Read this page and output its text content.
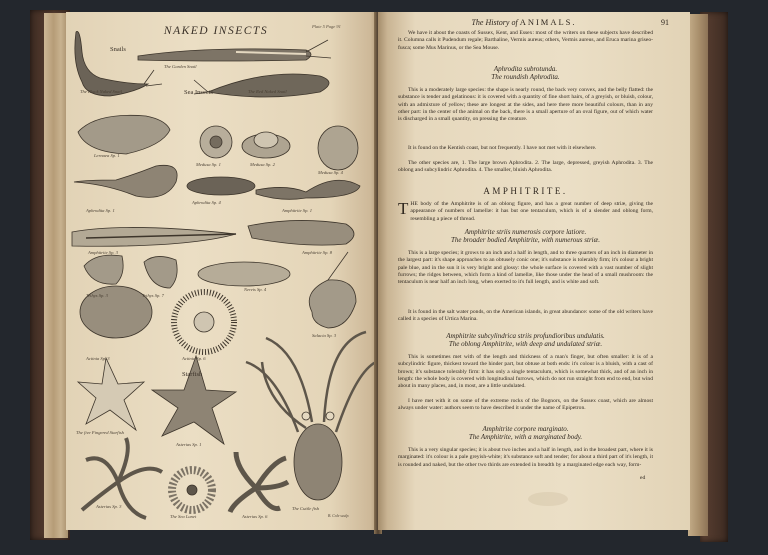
NAKED INSECTS	Plate 5 Page 91
Snails
Sea Insects
Starfish
The Garden Snail
The Black Naked Snail	The Red Naked Snail
Lernaea Sp. 1
Medusa Sp. 1	Medusa Sp. 2
Medusa Sp. 4
Aphrodita Sp. 1
Aphrodita Sp. 4
Amphitrite Sp. 1
Amphitrite Sp. 3	Amphitrite Sp. 8
Tethys Sp. 3	Tethys Sp. 7
Nereis Sp. 4
Actinia Sp. 3	Actinia Sp. 6
Salacia Sp. 3
The five Fingered Starfish
Asterias Sp. 1
Asterias Sp. 3
The Sea Lunet	Asterias Sp. 6
The Cuttle fish
B. Cole sculp.
The History of ANIMALS.	91
We have it about the coasts of Sussex, Kent, and Essex: most of the writers on these subjects have described it. Columna calls it Pudendum regale; Barthaline, Vermis aureus; others, Vermis aureus, and Eruca marina griseo-fusca; some Mus Marinus, or the Sea Mouse.
Aphrodita subrotunda.
The roundish Aphrodita.
This is a moderately large species: the shape is nearly round, the back very convex, and the belly flatted: the substance is tender and gelatinous: it is covered with a quantity of fine short hairs, of a greyish, or bluish, colour, with an admixture of yellow; these are longest at the sides, and here there more beautiful colours, than in any other part: in the center of the animal on the back, there is a small aperture of an oval figure, out of which water is discharged in a small quantity, on pressing the creature.
It is found on the Kentish coast, but not frequently. I have not met with it elsewhere.
The other species are, 1. The large brown Aphrodita. 2. The large, depressed, greyish Aphrodita. 3. The oblong and subcylindric Aphrodita. 4. The smaller, bluish Aphrodita.
AMPHITRITE.
T HE body of the Amphitrite is of an oblong figure, and has a great number of deep striæ, giving the appearance of numbers of lamellæ: it has but one tentaculum, which is of a slender and oblong form, resembling a piece of thread.
Amphitrite striis numerosis corpore latiore.
The broader bodied Amphitrite, with numerous striæ.
This is a large species; it grows to an inch and a half in length, and to three quarters of an inch in diameter in the largest part: it's shape approaches to an obtusely conic one; it's substance is tolerably firm; it's colour a bright pale blue, and in the sun it is very bright and glossy: the whole surface is covered with a vast number of slight furrows; the ridges between, which form a kind of lamellæ, like those under the head of a small mushroom: the tentaculum is near half an inch long, when exerted to it's full length, and is white and soft.
It is found in the salt water ponds, on the American islands, in great abundance: some of the old writers have called it a species of Urtica Marina.
Amphitrite subcylindrica striis profundioribus undulatis.
The oblong Amphitrite, with deep and undulated striæ.
This is sometimes met with of the length and thickness of a man's finger, but often smaller: it is of a subcylindric figure, thickest toward the hinder part, but obtuse at both ends: it's colour is a bluish, with a cast of brown; it's substance tolerably firm: it has only a single tentaculum, which is somewhat thick, and of an inch in length: the whole body is covered with longitudinal furrows, which do not run straight from end to end, but wind about in many places, and, in most, are a little undulated.
I have met with it on some of the extreme rocks of the Bognors, on the Sussex coast, which are almost always under water: authors seem to have described it under the name of Epipetron.
Amphitrite corpore marginato.
The Amphitrite, with a marginated body.
This is a very singular species; it is about two inches and a half in length, and in the broadest part, where it is marginated: it's colour is a pale greyish-white; it's substance soft and tender; for about a third part of it's length, it is rounded and naked, but the other two thirds are extended in breadth by a marginated edge each way, form-
ed
